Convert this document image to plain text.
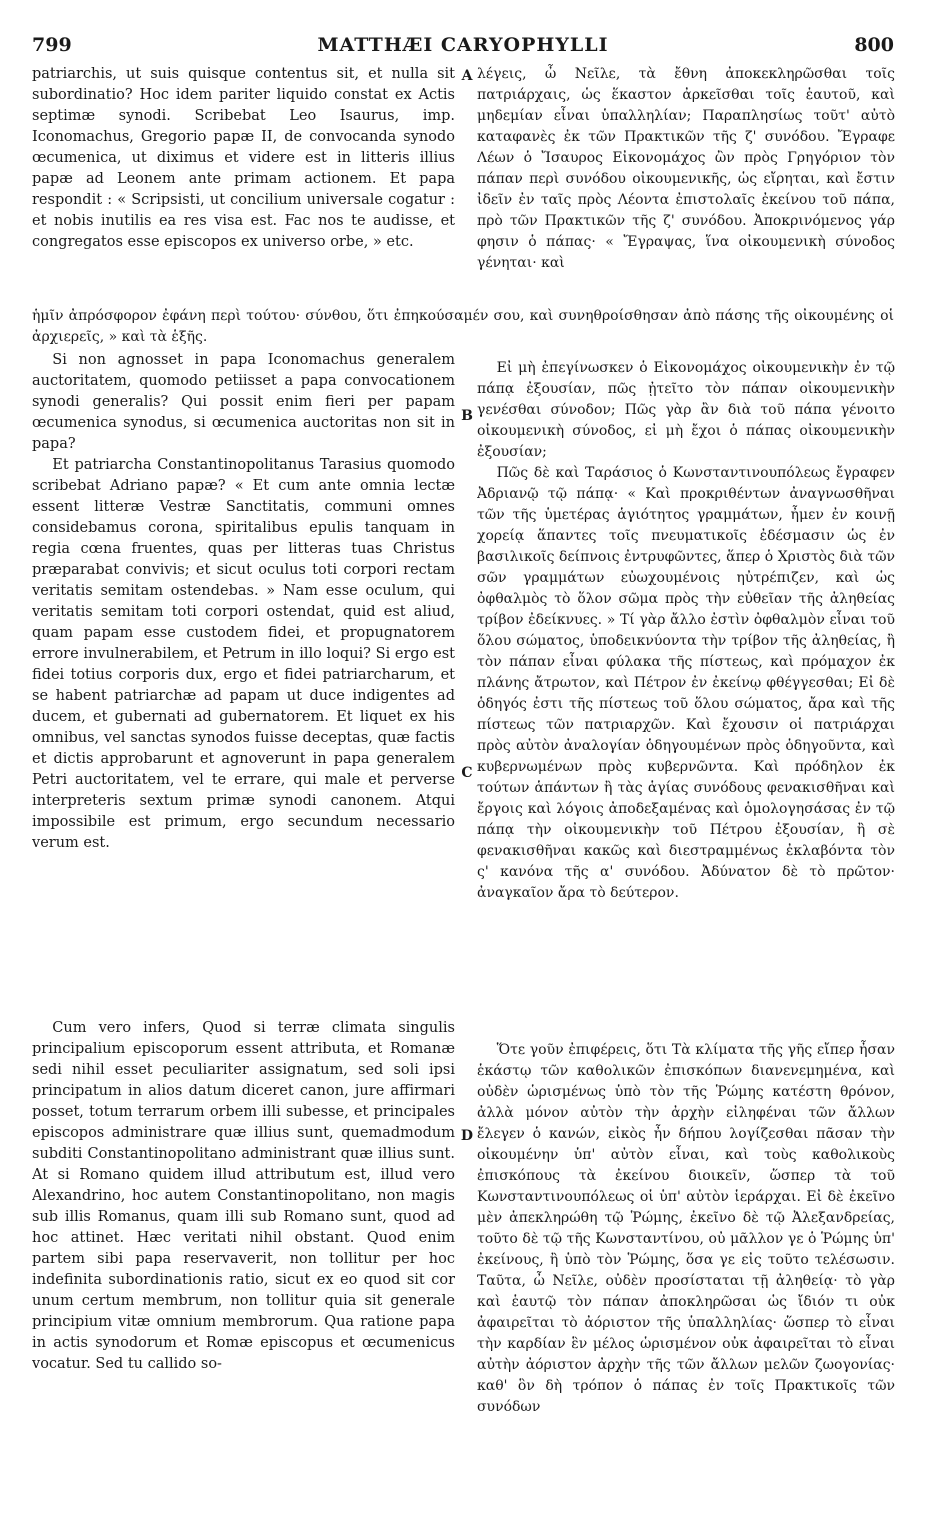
MATTHÆI CARYOPHYLLI
799	800
A
B
C
D

patriarchis, ut suis quisque contentus sit, et nulla sit subordinatio? Hoc idem pariter liquido constat ex Actis septimæ synodi. Scribebat Leo Isaurus, imp. Iconomachus, Gregorio papæ II, de convocanda synodo œcumenica, ut diximus et videre est in litteris illius papæ ad Leonem ante primam actionem. Et papa respondit : « Scripsisti, ut concilium universale cogatur : et nobis inutilis ea res visa est. Fac nos te audisse, et congregatos esse episcopos ex universo orbe, » etc.

λέγεις, ὦ Νεῖλε, τὰ ἔθνη ἀποκεκληρῶσθαι τοῖς πατριάρχαις, ὡς ἕκαστον ἀρκεῖσθαι τοῖς ἑαυτοῦ, καὶ μηδεμίαν εἶναι ὑπαλληλίαν; Παραπλησίως τοῦτ' αὐτὸ καταφανὲς ἐκ τῶν Πρακτικῶν τῆς ζ' συνόδου. Ἔγραφε Λέων ὁ Ἴσαυρος Εἰκονομάχος ὢν πρὸς Γρηγόριον τὸν πάπαν περὶ συνόδου οἰκουμενικῆς, ὡς εἴρηται, καὶ ἔστιν ἰδεῖν ἐν ταῖς πρὸς Λέοντα ἐπιστολαῖς ἐκείνου τοῦ πάπα, πρὸ τῶν Πρακτικῶν τῆς ζ' συνόδου. Ἀποκρινόμενος γάρ φησιν ὁ πάπας· « Ἔγραψας, ἵνα οἰκουμενικὴ σύνοδος γένηται· καὶ

ἡμῖν ἀπρόσφορον ἐφάνη περὶ τούτου· σύνθου, ὅτι ἐπηκούσαμέν σου, καὶ συνηθροίσθησαν ἀπὸ πάσης τῆς οἰκουμένης οἱ ἀρχιερεῖς, » καὶ τὰ ἑξῆς.

Si non agnosset in papa Iconomachus generalem auctoritatem, quomodo petiisset a papa convocationem synodi generalis? Qui possit enim fieri per papam œcumenica synodus, si œcumenica auctoritas non sit in papa?

Et patriarcha Constantinopolitanus Tarasius quomodo scribebat Adriano papæ? « Et cum ante omnia lectæ essent litteræ Vestræ Sanctitatis, communi omnes considebamus corona, spiritalibus epulis tanquam in regia cœna fruentes, quas per litteras tuas Christus præparabat convivis; et sicut oculus toti corpori rectam veritatis semitam ostendebas. » Nam esse oculum, qui veritatis semitam toti corpori ostendat, quid est aliud, quam papam esse custodem fidei, et propugnatorem errore invulnerabilem, et Petrum in illo loqui? Si ergo est fidei totius corporis dux, ergo et fidei patriarcharum, et se habent patriarchæ ad papam ut duce indigentes ad ducem, et gubernati ad gubernatorem. Et liquet ex his omnibus, vel sanctas synodos fuisse deceptas, quæ factis et dictis approbarunt et agnoverunt in papa generalem Petri auctoritatem, vel te errare, qui male et perverse interpreteris sextum primæ synodi canonem. Atqui impossibile est primum, ergo secundum necessario verum est.

Εἰ μὴ ἐπεγίνωσκεν ὁ Εἰκονομάχος οἰκουμενικὴν ἐν τῷ πάπᾳ ἐξουσίαν, πῶς ᾐτεῖτο τὸν πάπαν οἰκουμενικὴν γενέσθαι σύνοδον; Πῶς γὰρ ἂν διὰ τοῦ πάπα γένοιτο οἰκουμενικὴ σύνοδος, εἰ μὴ ἔχοι ὁ πάπας οἰκουμενικὴν ἐξουσίαν;

Πῶς δὲ καὶ Ταράσιος ὁ Κωνσταντινουπόλεως ἔγραφεν Ἀδριανῷ τῷ πάπᾳ· « Καὶ προκριθέντων ἀναγνωσθῆναι τῶν τῆς ὑμετέρας ἁγιότητος γραμμάτων, ἦμεν ἐν κοινῇ χορείᾳ ἅπαντες τοῖς πνευματικοῖς ἐδέσμασιν ὡς ἐν βασιλικοῖς δείπνοις ἐντρυφῶντες, ἅπερ ὁ Χριστὸς διὰ τῶν σῶν γραμμάτων εὐωχουμένοις ηὐτρέπιζεν, καὶ ὡς ὀφθαλμὸς τὸ ὅλον σῶμα πρὸς τὴν εὐθεῖαν τῆς ἀληθείας τρίβον ἐδείκνυες. » Τί γὰρ ἄλλο ἐστὶν ὀφθαλμὸν εἶναι τοῦ ὅλου σώματος, ὑποδεικνύοντα τὴν τρίβον τῆς ἀληθείας, ἢ τὸν πάπαν εἶναι φύλακα τῆς πίστεως, καὶ πρόμαχον ἐκ πλάνης ἄτρωτον, καὶ Πέτρον ἐν ἐκείνῳ φθέγγεσθαι; Εἰ δὲ ὁδηγός ἐστι τῆς πίστεως τοῦ ὅλου σώματος, ἄρα καὶ τῆς πίστεως τῶν πατριαρχῶν. Καὶ ἔχουσιν οἱ πατριάρχαι πρὸς αὐτὸν ἀναλογίαν ὁδηγουμένων πρὸς ὁδηγοῦντα, καὶ κυβερνωμένων πρὸς κυβερνῶντα. Καὶ πρόδηλον ἐκ τούτων ἁπάντων ἢ τὰς ἁγίας συνόδους φενακισθῆναι καὶ ἔργοις καὶ λόγοις ἀποδεξαμένας καὶ ὁμολογησάσας ἐν τῷ πάπᾳ τὴν οἰκουμενικὴν τοῦ Πέτρου ἐξουσίαν, ἢ σὲ φενακισθῆναι κακῶς καὶ διεστραμμένως ἐκλαβόντα τὸν ς' κανόνα τῆς α' συνόδου. Ἀδύνατον δὲ τὸ πρῶτον· ἀναγκαῖον ἄρα τὸ δεύτερον.

Cum vero infers, Quod si terræ climata singulis principalium episcoporum essent attributa, et Romanæ sedi nihil esset peculiariter assignatum, sed soli ipsi principatum in alios datum diceret canon, jure affirmari posset, totum terrarum orbem illi subesse, et principales episcopos administrare quæ illius sunt, quemadmodum subditi Constantinopolitano administrant quæ illius sunt. At si Romano quidem illud attributum est, illud vero Alexandrino, hoc autem Constantinopolitano, non magis sub illis Romanus, quam illi sub Romano sunt, quod ad hoc attinet. Hæc veritati nihil obstant. Quod enim partem sibi papa reservaverit, non tollitur per hoc indefinita subordinationis ratio, sicut ex eo quod sit cor unum certum membrum, non tollitur quia sit generale principium vitæ omnium membrorum. Qua ratione papa in actis synodorum et Romæ episcopus et œcumenicus vocatur. Sed tu callido so-

Ὅτε γοῦν ἐπιφέρεις, ὅτι Τὰ κλίματα τῆς γῆς εἴπερ ἦσαν ἑκάστῳ τῶν καθολικῶν ἐπισκόπων διανενεμημένα, καὶ οὐδὲν ὡρισμένως ὑπὸ τὸν τῆς Ῥώμης κατέστη θρόνον, ἀλλὰ μόνον αὐτὸν τὴν ἀρχὴν εἰληφέναι τῶν ἄλλων ἔλεγεν ὁ κανών, εἰκὸς ἦν δήπου λογίζεσθαι πᾶσαν τὴν οἰκουμένην ὑπ' αὐτὸν εἶναι, καὶ τοὺς καθολικοὺς ἐπισκόπους τὰ ἐκείνου διοικεῖν, ὥσπερ τὰ τοῦ Κωνσταντινουπόλεως οἱ ὑπ' αὐτὸν ἱεράρχαι. Εἰ δὲ ἐκεῖνο μὲν ἀπεκληρώθη τῷ Ῥώμης, ἐκεῖνο δὲ τῷ Ἀλεξανδρείας, τοῦτο δὲ τῷ τῆς Κωνσταντίνου, οὐ μᾶλλον γε ὁ Ῥώμης ὑπ' ἐκείνους, ἢ ὑπὸ τὸν Ῥώμης, ὅσα γε εἰς τοῦτο τελέσωσιν. Ταῦτα, ὦ Νεῖλε, οὐδὲν προσίσταται τῇ ἀληθείᾳ· τὸ γὰρ καὶ ἑαυτῷ τὸν πάπαν ἀποκληρῶσαι ὡς ἴδιόν τι οὐκ ἀφαιρεῖται τὸ ἀόριστον τῆς ὑπαλληλίας· ὥσπερ τὸ εἶναι τὴν καρδίαν ἓν μέλος ὡρισμένον οὐκ ἀφαιρεῖται τὸ εἶναι αὐτὴν ἀόριστον ἀρχὴν τῆς τῶν ἄλλων μελῶν ζωογονίας· καθ' ὃν δὴ τρόπον ὁ πάπας ἐν τοῖς Πρακτικοῖς τῶν συνόδων
